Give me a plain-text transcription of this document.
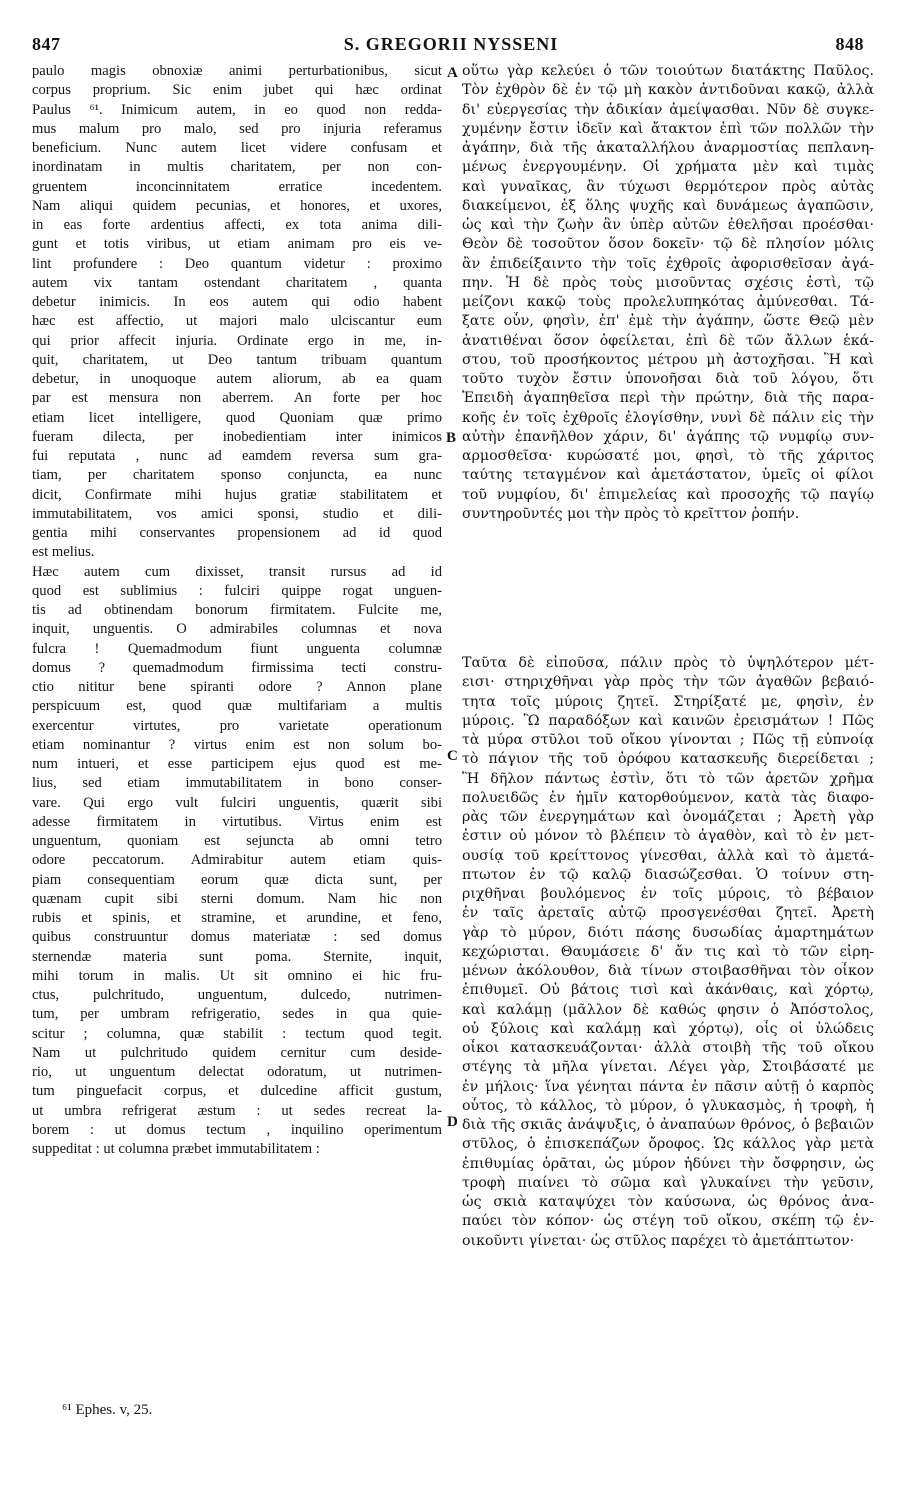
847	S. GREGORII NYSSENI	848
paulo magis obnoxiæ animi perturbationibus, sicut
corpus proprium. Sic enim jubet qui hæc ordinat
Paulus ⁶¹. Inimicum autem, in eo quod non redda-
mus malum pro malo, sed pro injuria referamus
beneficium. Nunc autem licet videre confusam et
inordinatam in multis charitatem, per non con-
gruentem inconcinnitatem erratice incedentem.
Nam aliqui quidem pecunias, et honores, et uxores,
in eas forte ardentius affecti, ex tota anima dili-
gunt et totis viribus, ut etiam animam pro eis ve-
lint profundere : Deo quantum videtur : proximo
autem vix tantam ostendant charitatem , quanta
debetur inimicis. In eos autem qui odio habent
hæc est affectio, ut majori malo ulciscantur eum
qui prior affecit injuria. Ordinate ergo in me, in-
quit, charitatem, ut Deo tantum tribuam quantum
debetur, in unoquoque autem aliorum, ab ea quam
par est mensura non aberrem. An forte per hoc
etiam licet intelligere, quod Quoniam quæ primo
fueram dilecta, per inobedientiam inter inimicos
fui reputata , nunc ad eamdem reversa sum gra-
tiam, per charitatem sponso conjuncta, ea nunc
dicit, Confirmate mihi hujus gratiæ stabilitatem et
immutabilitatem, vos amici sponsi, studio et dili-
gentia mihi conservantes propensionem ad id quod
est melius.
Hæc autem cum dixisset, transit rursus ad id
quod est sublimius : fulciri quippe rogat unguen-
tis ad obtinendam bonorum firmitatem. Fulcite me,
inquit, unguentis. O admirabiles columnas et nova
fulcra ! Quemadmodum fiunt unguenta columnæ
domus ? quemadmodum firmissima tecti constru-
ctio nititur bene spiranti odore ? Annon plane
perspicuum est, quod quæ multifariam a multis
exercentur virtutes, pro varietate operationum
etiam nominantur ? virtus enim est non solum bo-
num intueri, et esse participem ejus quod est me-
lius, sed etiam immutabilitatem in bono conser-
vare. Qui ergo vult fulciri unguentis, quærit sibi
adesse firmitatem in virtutibus. Virtus enim est
unguentum, quoniam est sejuncta ab omni tetro
odore peccatorum. Admirabitur autem etiam quis-
piam consequentiam eorum quæ dicta sunt, per
quænam cupit sibi sterni domum. Nam hic non
rubis et spinis, et stramine, et arundine, et feno,
quibus construuntur domus materiatæ : sed domus
sternendæ materia sunt poma. Sternite, inquit,
mihi torum in malis. Ut sit omnino ei hic fru-
ctus, pulchritudo, unguentum, dulcedo, nutrimen-
tum, per umbram refrigeratio, sedes in qua quie-
scitur ; columna, quæ stabilit : tectum quod tegit.
Nam ut pulchritudo quidem cernitur cum deside-
rio, ut unguentum delectat odoratum, ut nutrimen-
tum pinguefacit corpus, et dulcedine afficit gustum,
ut umbra refrigerat æstum : ut sedes recreat la-
borem : ut domus tectum , inquilino operimentum
suppeditat : ut columna præbet immutabilitatem :
οὕτω γὰρ κελεύει ὁ τῶν τοιούτων διατάκτης Παῦλος.
Τὸν ἐχθρὸν δὲ ἐν τῷ μὴ κακὸν ἀντιδοῦναι κακῷ, ἀλλὰ
δι' εὐεργεσίας τὴν ἀδικίαν ἀμείψασθαι. Νῦν δὲ συγκε-
χυμένην ἔστιν ἰδεῖν καὶ ἄτακτον ἐπὶ τῶν πολλῶν τὴν
ἀγάπην, διὰ τῆς ἀκαταλλήλου ἀναρμοστίας πεπλανη-
μένως ἐνεργουμένην. Οἱ χρήματα μὲν καὶ τιμὰς
καὶ γυναῖκας, ἂν τύχωσι θερμότερον πρὸς αὐτὰς
διακείμενοι, ἐξ ὅλης ψυχῆς καὶ δυνάμεως ἀγαπῶσιν,
ὡς καὶ τὴν ζωὴν ἂν ὑπὲρ αὐτῶν ἐθελῆσαι προέσθαι·
Θεὸν δὲ τοσοῦτον ὅσον δοκεῖν· τῷ δὲ πλησίον μόλις
ἂν ἐπιδείξαιντο τὴν τοῖς ἐχθροῖς ἀφορισθεῖσαν ἀγά-
πην. Ἡ δὲ πρὸς τοὺς μισοῦντας σχέσις ἐστὶ, τῷ
μείζονι κακῷ τοὺς προλελυπηκότας ἀμύνεσθαι. Τά-
ξατε οὖν, φησὶν, ἐπ' ἐμὲ τὴν ἀγάπην, ὥστε Θεῷ μὲν
ἀνατιθέναι ὅσον ὀφείλεται, ἐπὶ δὲ τῶν ἄλλων ἑκά-
στου, τοῦ προσήκοντος μέτρου μὴ ἀστοχῆσαι. Ἢ καὶ
τοῦτο τυχὸν ἔστιν ὑπονοῆσαι διὰ τοῦ λόγου, ὅτι
Ἐπειδὴ ἀγαπηθεῖσα περὶ τὴν πρώτην, διὰ τῆς παρα-
κοῆς ἐν τοῖς ἐχθροῖς ἐλογίσθην, νυνὶ δὲ πάλιν εἰς τὴν
αὐτὴν ἐπανῆλθον χάριν, δι' ἀγάπης τῷ νυμφίῳ συν-
αρμοσθεῖσα· κυρώσατέ μοι, φησὶ, τὸ τῆς χάριτος
ταύτης τεταγμένον καὶ ἀμετάστατον, ὑμεῖς οἱ φίλοι
τοῦ νυμφίου, δι' ἐπιμελείας καὶ προσοχῆς τῷ παγίῳ
συντηροῦντές μοι τὴν πρὸς τὸ κρεῖττον ῥοπήν.
Ταῦτα δὲ εἰποῦσα, πάλιν πρὸς τὸ ὑψηλότερον μέτ-
εισι· στηριχθῆναι γὰρ πρὸς τὴν τῶν ἀγαθῶν βεβαιό-
τητα τοῖς μύροις ζητεῖ. Στηρίξατέ με, φησὶν, ἐν
μύροις. Ὢ παραδόξων καὶ καινῶν ἐρεισμάτων ! Πῶς
τὰ μύρα στῦλοι τοῦ οἴκου γίνονται ; Πῶς τῇ εὐπνοίᾳ
τὸ πάγιον τῆς τοῦ ὀρόφου κατασκευῆς διερείδεται ;
Ἢ δῆλον πάντως ἐστὶν, ὅτι τὸ τῶν ἀρετῶν χρῆμα
πολυειδῶς ἐν ἡμῖν κατορθούμενον, κατὰ τὰς διαφο-
ρὰς τῶν ἐνεργημάτων καὶ ὀνομάζεται ; Ἀρετὴ γὰρ
ἐστιν οὐ μόνον τὸ βλέπειν τὸ ἀγαθὸν, καὶ τὸ ἐν μετ-
ουσίᾳ τοῦ κρείττονος γίνεσθαι, ἀλλὰ καὶ τὸ ἀμετά-
πτωτον ἐν τῷ καλῷ διασώζεσθαι. Ὁ τοίνυν στη-
ριχθῆναι βουλόμενος ἐν τοῖς μύροις, τὸ βέβαιον
ἐν ταῖς ἀρεταῖς αὐτῷ προσγενέσθαι ζητεῖ. Ἀρετὴ
γὰρ τὸ μύρον, διότι πάσης δυσωδίας ἁμαρτημάτων
κεχώρισται. Θαυμάσειε δ' ἄν τις καὶ τὸ τῶν εἰρη-
μένων ἀκόλουθον, διὰ τίνων στοιβασθῆναι τὸν οἶκον
ἐπιθυμεῖ. Οὐ βάτοις τισὶ καὶ ἀκάνθαις, καὶ χόρτῳ,
καὶ καλάμῃ (μᾶλλον δὲ καθώς φησιν ὁ Ἀπόστολος,
οὐ ξύλοις καὶ καλάμῃ καὶ χόρτῳ), οἷς οἱ ὑλώδεις
οἶκοι κατασκευάζονται· ἀλλὰ στοιβὴ τῆς τοῦ οἴκου
στέγης τὰ μῆλα γίνεται. Λέγει γὰρ, Στοιβάσατέ με
ἐν μήλοις· ἵνα γένηται πάντα ἐν πᾶσιν αὐτῇ ὁ καρπὸς
οὗτος, τὸ κάλλος, τὸ μύρον, ὁ γλυκασμὸς, ἡ τροφὴ, ἡ
διὰ τῆς σκιᾶς ἀνάψυξις, ὁ ἀναπαύων θρόνος, ὁ βεβαιῶν
στῦλος, ὁ ἐπισκεπάζων ὄροφος. Ὡς κάλλος γὰρ μετὰ
ἐπιθυμίας ὁρᾶται, ὡς μύρον ἡδύνει τὴν ὄσφρησιν, ὡς
τροφὴ πιαίνει τὸ σῶμα καὶ γλυκαίνει τὴν γεῦσιν,
ὡς σκιὰ καταψύχει τὸν καύσωνα, ὡς θρόνος ἀνα-
παύει τὸν κόπον· ὡς στέγη τοῦ οἴκου, σκέπη τῷ ἐν-
οικοῦντι γίνεται· ὡς στῦλος παρέχει τὸ ἀμετάπτωτον·
A
B
C
D
⁶¹ Ephes. v, 25.
